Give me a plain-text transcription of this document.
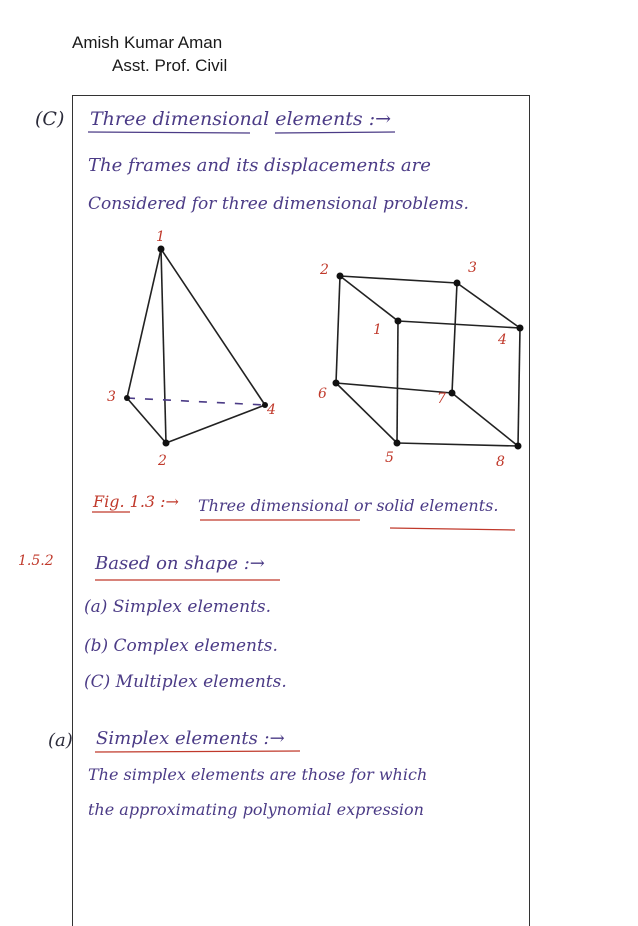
Amish Kumar Aman
Asst. Prof. Civil
(C) Three dimensional elements :→
The frames and its displacements are
Considered for three dimensional problems.
1
2
3
4
1
2	3
4
5
6	7
8
Fig. 1.3 :→ Three dimensional or solid elements.
1.5.2 Based on shape :→
(a) Simplex elements.
(b) Complex elements.
(C) Multiplex elements.
(a) Simplex elements :→
The simplex elements are those for which
the approximating polynomial expression
